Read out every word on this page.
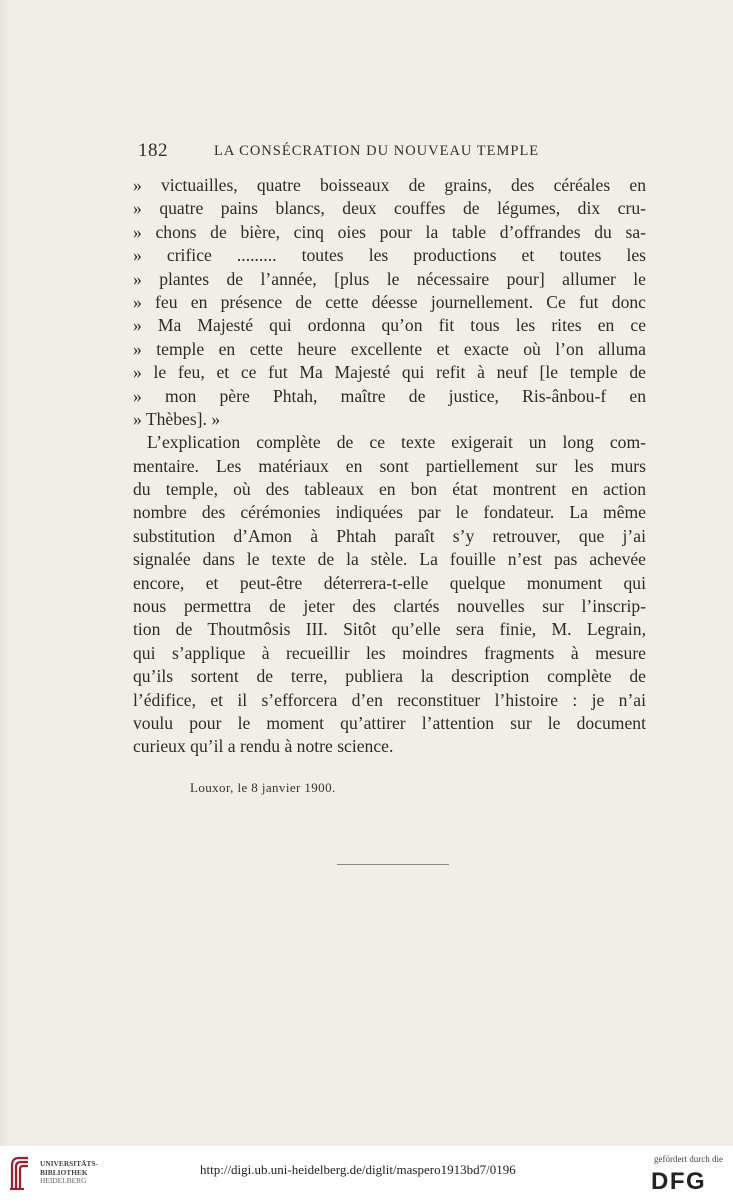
182	LA CONSÉCRATION DU NOUVEAU TEMPLE
» victuailles, quatre boisseaux de grains, des céréales en
» quatre pains blancs, deux couffes de légumes, dix cru-
» chons de bière, cinq oies pour la table d’offrandes du sa-
» crifice ......... toutes les productions et toutes les
» plantes de l’année, [plus le nécessaire pour] allumer le
» feu en présence de cette déesse journellement. Ce fut donc
» Ma Majesté qui ordonna qu’on fit tous les rites en ce
» temple en cette heure excellente et exacte où l’on alluma
» le feu, et ce fut Ma Majesté qui refit à neuf [le temple de
» mon père Phtah, maître de justice, Ris-ânbou-f en
» Thèbes]. »
L’explication complète de ce texte exigerait un long com-
mentaire. Les matériaux en sont partiellement sur les murs
du temple, où des tableaux en bon état montrent en action
nombre des cérémonies indiquées par le fondateur. La même
substitution d’Amon à Phtah paraît s’y retrouver, que j’ai
signalée dans le texte de la stèle. La fouille n’est pas achevée
encore, et peut-être déterrera-t-elle quelque monument qui
nous permettra de jeter des clartés nouvelles sur l’inscrip-
tion de Thoutmôsis III. Sitôt qu’elle sera finie, M. Legrain,
qui s’applique à recueillir les moindres fragments à mesure
qu’ils sortent de terre, publiera la description complète de
l’édifice, et il s’efforcera d’en reconstituer l’histoire : je n’ai
voulu pour le moment qu’attirer l’attention sur le document
curieux qu’il a rendu à notre science.
Louxor, le 8 janvier 1900.
UNIVERSITÄTS-
BIBLIOTHEK
HEIDELBERG
http://digi.ub.uni-heidelberg.de/diglit/maspero1913bd7/0196
gefördert durch die
DFG
